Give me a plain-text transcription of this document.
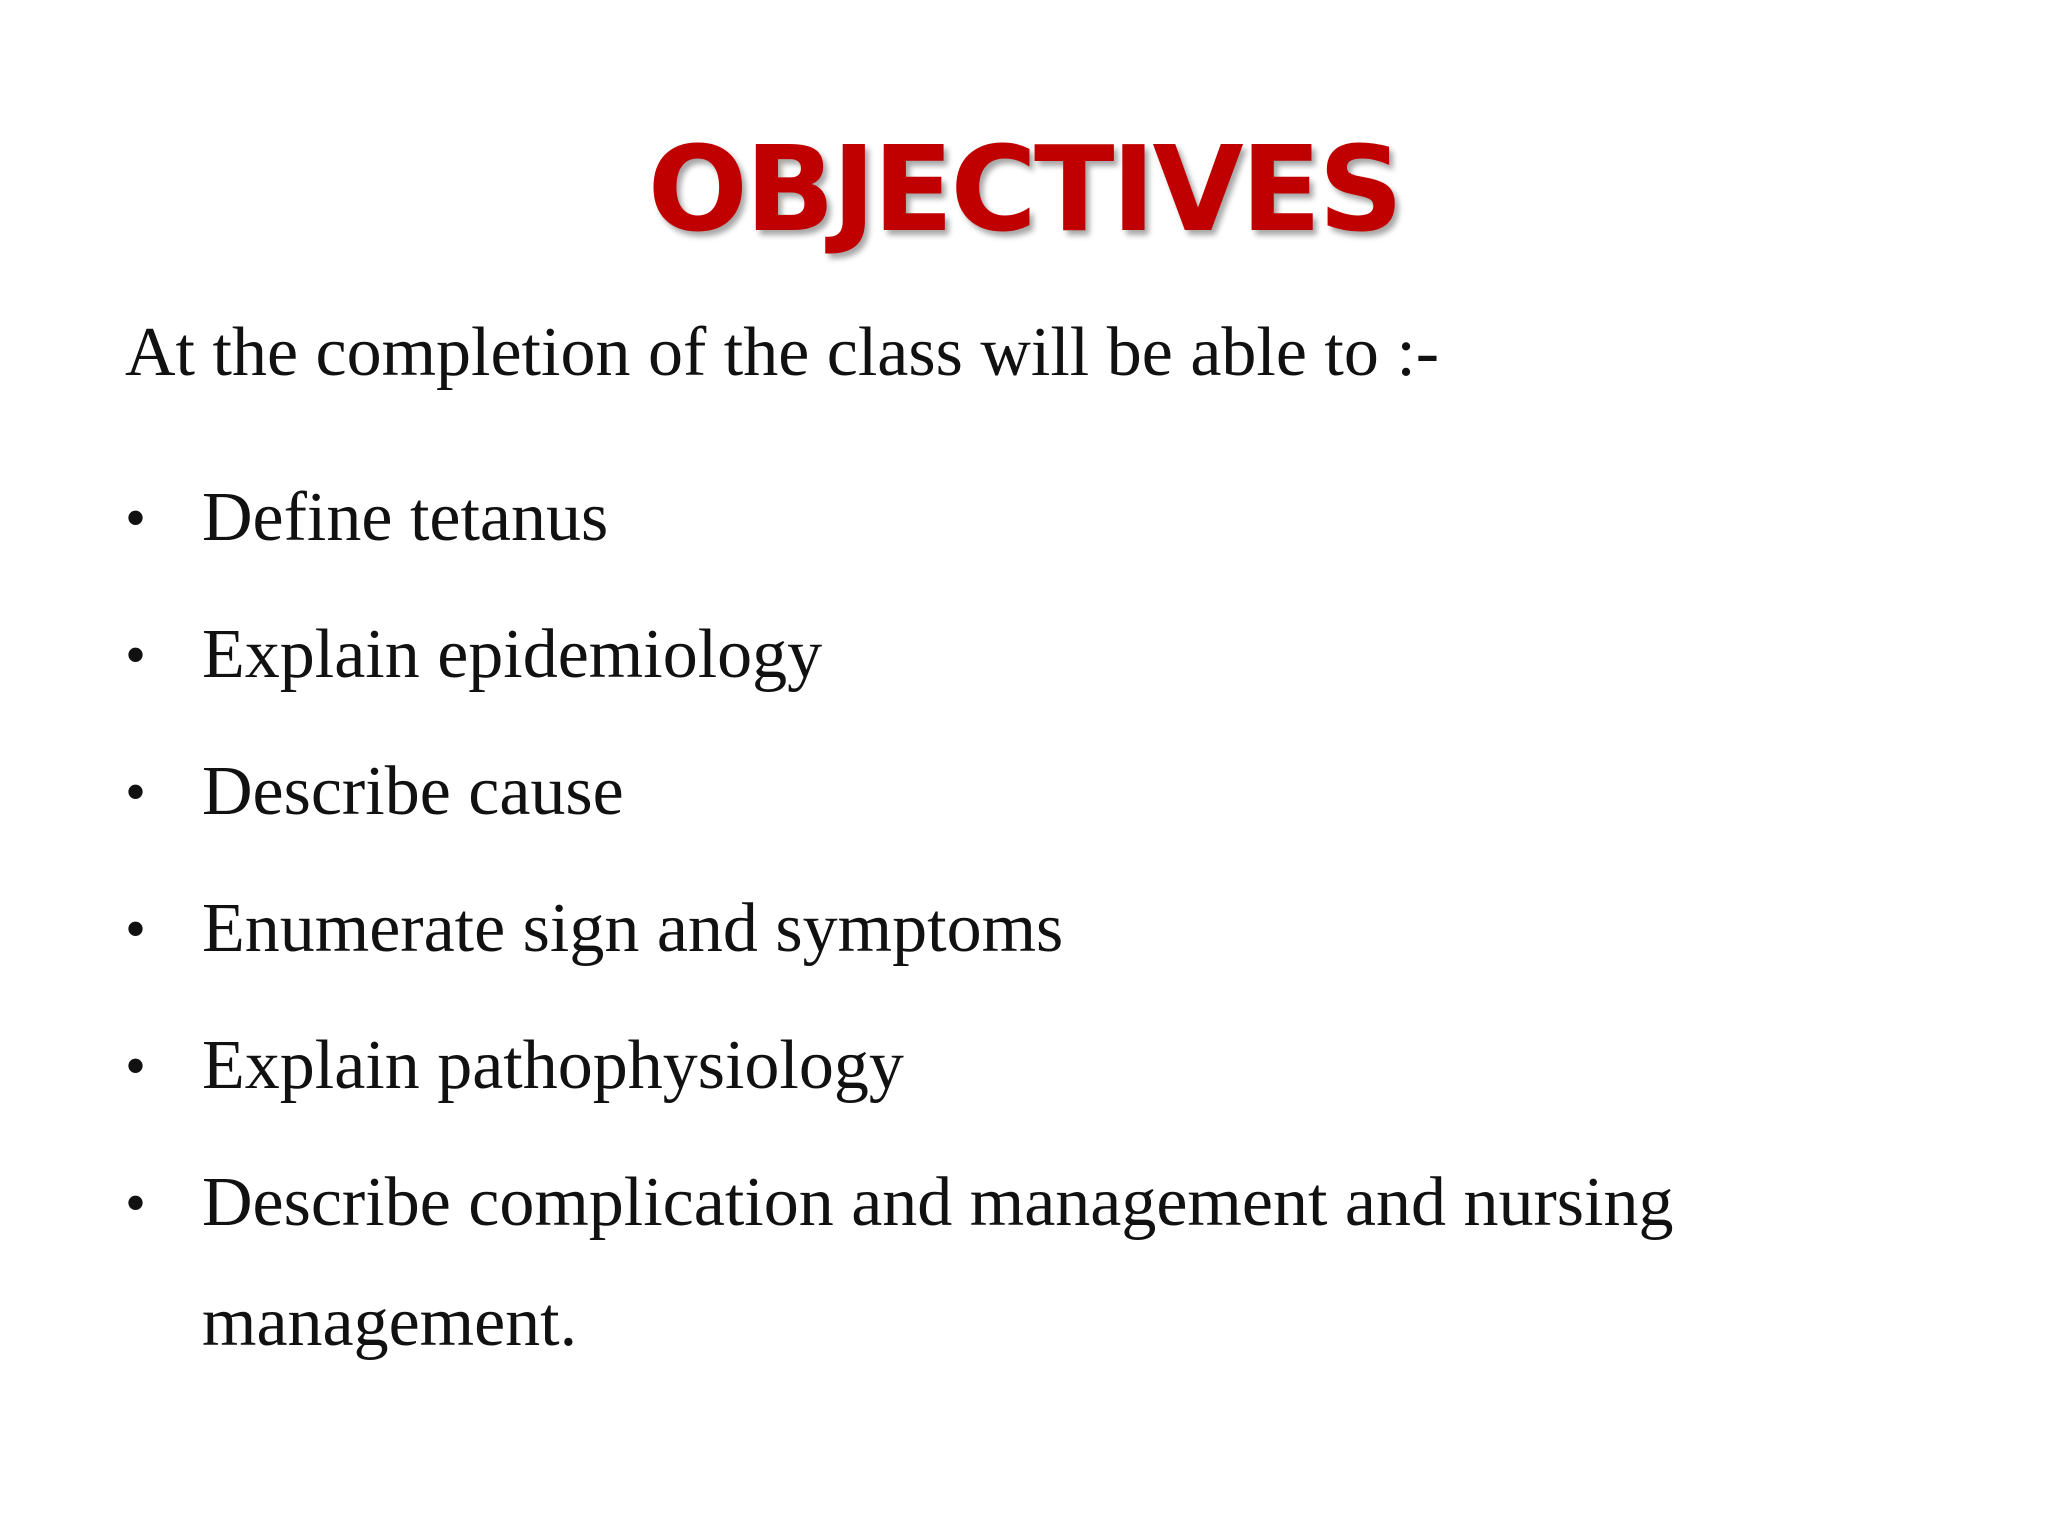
OBJECTIVES
At the completion of the class will be able to :-
• Define tetanus
• Explain epidemiology
• Describe cause
• Enumerate sign and symptoms
• Explain pathophysiology
• Describe complication and management and nursing management.
